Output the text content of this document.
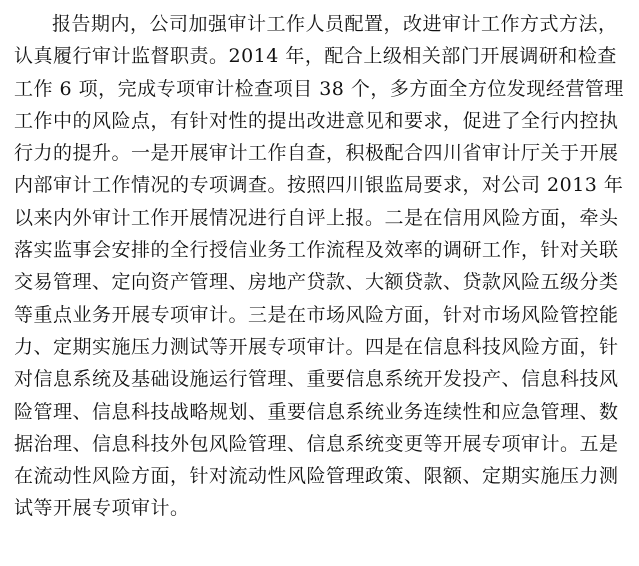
报告期内，公司加强审计工作人员配置，改进审计工作方式方法，认真履行审计监督职责。2014 年，配合上级相关部门开展调研和检查工作 6 项，完成专项审计检查项目 38 个，多方面全方位发现经营管理工作中的风险点，有针对性的提出改进意见和要求，促进了全行内控执行力的提升。一是开展审计工作自查，积极配合四川省审计厅关于开展内部审计工作情况的专项调查。按照四川银监局要求，对公司 2013 年以来内外审计工作开展情况进行自评上报。二是在信用风险方面，牵头落实监事会安排的全行授信业务工作流程及效率的调研工作，针对关联交易管理、定向资产管理、房地产贷款、大额贷款、贷款风险五级分类等重点业务开展专项审计。三是在市场风险方面，针对市场风险管控能力、定期实施压力测试等开展专项审计。四是在信息科技风险方面，针对信息系统及基础设施运行管理、重要信息系统开发投产、信息科技风险管理、信息科技战略规划、重要信息系统业务连续性和应急管理、数据治理、信息科技外包风险管理、信息系统变更等开展专项审计。五是在流动性风险方面，针对流动性风险管理政策、限额、定期实施压力测试等开展专项审计。
